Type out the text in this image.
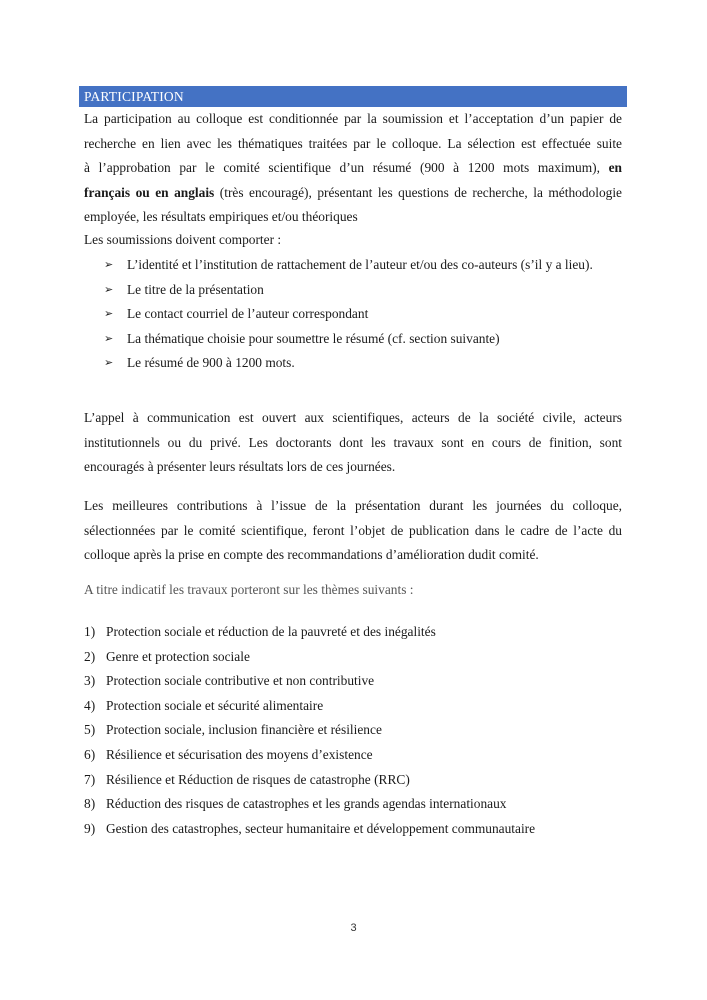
PARTICIPATION
La participation au colloque est conditionnée par la soumission et l’acceptation d’un papier de
recherche en lien avec les thématiques traitées par le colloque. La sélection est effectuée suite
à l’approbation par le comité scientifique d’un résumé (900 à 1200 mots maximum), en
français ou en anglais (très encouragé), présentant les questions de recherche, la méthodologie
employée, les résultats empiriques et/ou théoriques
Les soumissions doivent comporter :
➢ L’identité et l’institution de rattachement de l’auteur et/ou des co-auteurs (s’il y a lieu).
➢ Le titre de la présentation
➢ Le contact courriel de l’auteur correspondant
➢ La thématique choisie pour soumettre le résumé (cf. section suivante)
➢ Le résumé de 900 à 1200 mots.
L’appel à communication est ouvert aux scientifiques, acteurs de la société civile, acteurs
institutionnels ou du privé. Les doctorants dont les travaux sont en cours de finition, sont
encouragés à présenter leurs résultats lors de ces journées.
Les meilleures contributions à l’issue de la présentation durant les journées du colloque,
sélectionnées par le comité scientifique, feront l’objet de publication dans le cadre de l’acte du
colloque après la prise en compte des recommandations d’amélioration dudit comité.
A titre indicatif les travaux porteront sur les thèmes suivants :
1) Protection sociale et réduction de la pauvreté et des inégalités
2) Genre et protection sociale
3) Protection sociale contributive et non contributive
4) Protection sociale et sécurité alimentaire
5) Protection sociale, inclusion financière et résilience
6) Résilience et sécurisation des moyens d’existence
7) Résilience et Réduction de risques de catastrophe (RRC)
8) Réduction des risques de catastrophes et les grands agendas internationaux
9) Gestion des catastrophes, secteur humanitaire et développement communautaire
3
